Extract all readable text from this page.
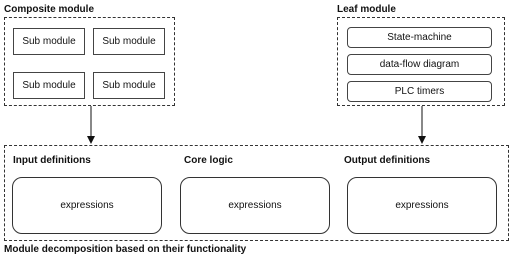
Composite module
Sub module	Sub module
Sub module	Sub module
Leaf module
State-machine
data-flow diagram
PLC timers
Input definitions	Core logic	Output definitions
expressions	expressions	expressions
Module decomposition based on their functionality
